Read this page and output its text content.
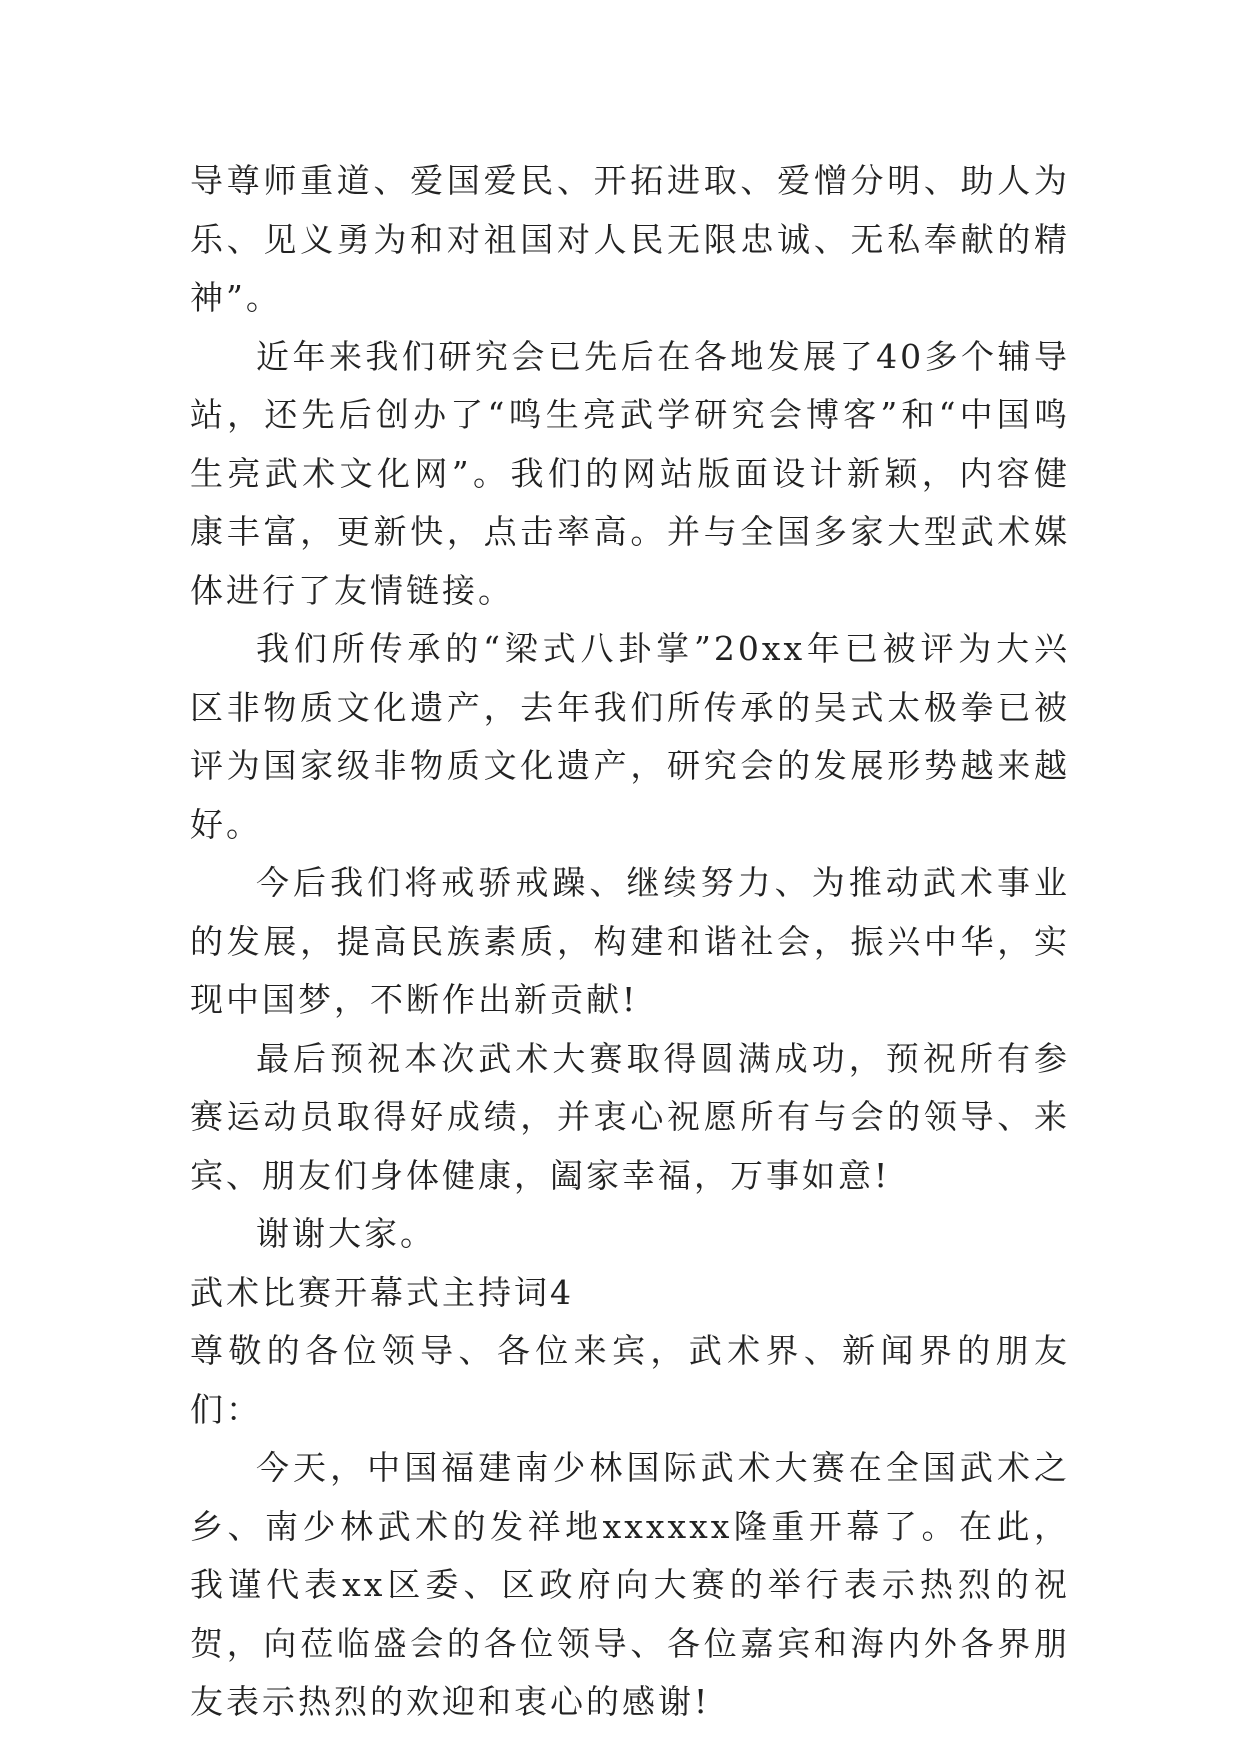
导尊师重道、爱国爱民、开拓进取、爱憎分明、助人为乐、见义勇为和对祖国对人民无限忠诚、无私奉献的精神”。

近年来我们研究会已先后在各地发展了40多个辅导站，还先后创办了“鸣生亮武学研究会博客”和“中国鸣生亮武术文化网”。我们的网站版面设计新颖，内容健康丰富，更新快，点击率高。并与全国多家大型武术媒体进行了友情链接。

我们所传承的“梁式八卦掌”20xx年已被评为大兴区非物质文化遗产，去年我们所传承的吴式太极拳已被评为国家级非物质文化遗产，研究会的发展形势越来越好。

今后我们将戒骄戒躁、继续努力、为推动武术事业的发展，提高民族素质，构建和谐社会，振兴中华，实现中国梦，不断作出新贡献!

最后预祝本次武术大赛取得圆满成功，预祝所有参赛运动员取得好成绩，并衷心祝愿所有与会的领导、来宾、朋友们身体健康，阖家幸福，万事如意!

谢谢大家。

武术比赛开幕式主持词4

尊敬的各位领导、各位来宾，武术界、新闻界的朋友们：

今天，中国福建南少林国际武术大赛在全国武术之乡、南少林武术的发祥地xxxxxx隆重开幕了。在此，我谨代表xx区委、区政府向大赛的举行表示热烈的祝贺，向莅临盛会的各位领导、各位嘉宾和海内外各界朋友表示热烈的欢迎和衷心的感谢!
